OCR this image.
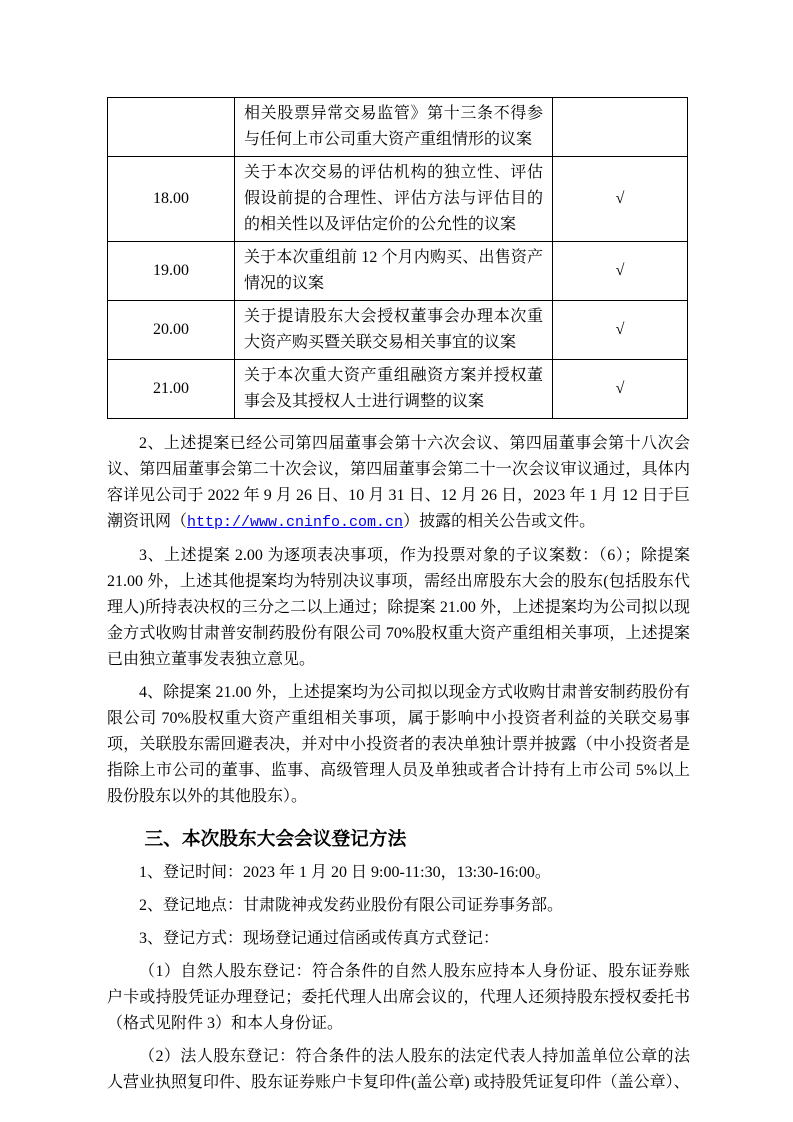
	相关股票异常交易监管》第十三条不得参与任何上市公司重大资产重组情形的议案	
18.00	关于本次交易的评估机构的独立性、评估假设前提的合理性、评估方法与评估目的的相关性以及评估定价的公允性的议案	√
19.00	关于本次重组前 12 个月内购买、出售资产情况的议案	√
20.00	关于提请股东大会授权董事会办理本次重大资产购买暨关联交易相关事宜的议案	√
21.00	关于本次重大资产重组融资方案并授权董事会及其授权人士进行调整的议案	√

2、上述提案已经公司第四届董事会第十六次会议、第四届董事会第十八次会议、第四届董事会第二十次会议，第四届董事会第二十一次会议审议通过，具体内容详见公司于 2022 年 9 月 26 日、10 月 31 日、12 月 26 日，2023 年 1 月 12 日于巨潮资讯网（http://www.cninfo.com.cn）披露的相关公告或文件。

3、上述提案 2.00 为逐项表决事项，作为投票对象的子议案数：（6）；除提案 21.00 外，上述其他提案均为特别决议事项，需经出席股东大会的股东(包括股东代理人)所持表决权的三分之二以上通过；除提案 21.00 外，上述提案均为公司拟以现金方式收购甘肃普安制药股份有限公司 70%股权重大资产重组相关事项，上述提案已由独立董事发表独立意见。

4、除提案 21.00 外，上述提案均为公司拟以现金方式收购甘肃普安制药股份有限公司 70%股权重大资产重组相关事项，属于影响中小投资者利益的关联交易事项，关联股东需回避表决，并对中小投资者的表决单独计票并披露（中小投资者是指除上市公司的董事、监事、高级管理人员及单独或者合计持有上市公司 5%以上股份股东以外的其他股东）。

三、本次股东大会会议登记方法

1、登记时间：2023 年 1 月 20 日 9:00-11:30，13:30-16:00。

2、登记地点：甘肃陇神戎发药业股份有限公司证券事务部。

3、登记方式：现场登记通过信函或传真方式登记：

（1）自然人股东登记：符合条件的自然人股东应持本人身份证、股东证券账户卡或持股凭证办理登记；委托代理人出席会议的，代理人还须持股东授权委托书（格式见附件 3）和本人身份证。

（2）法人股东登记：符合条件的法人股东的法定代表人持加盖单位公章的法人营业执照复印件、股东证券账户卡复印件(盖公章) 或持股凭证复印件（盖公章）、
